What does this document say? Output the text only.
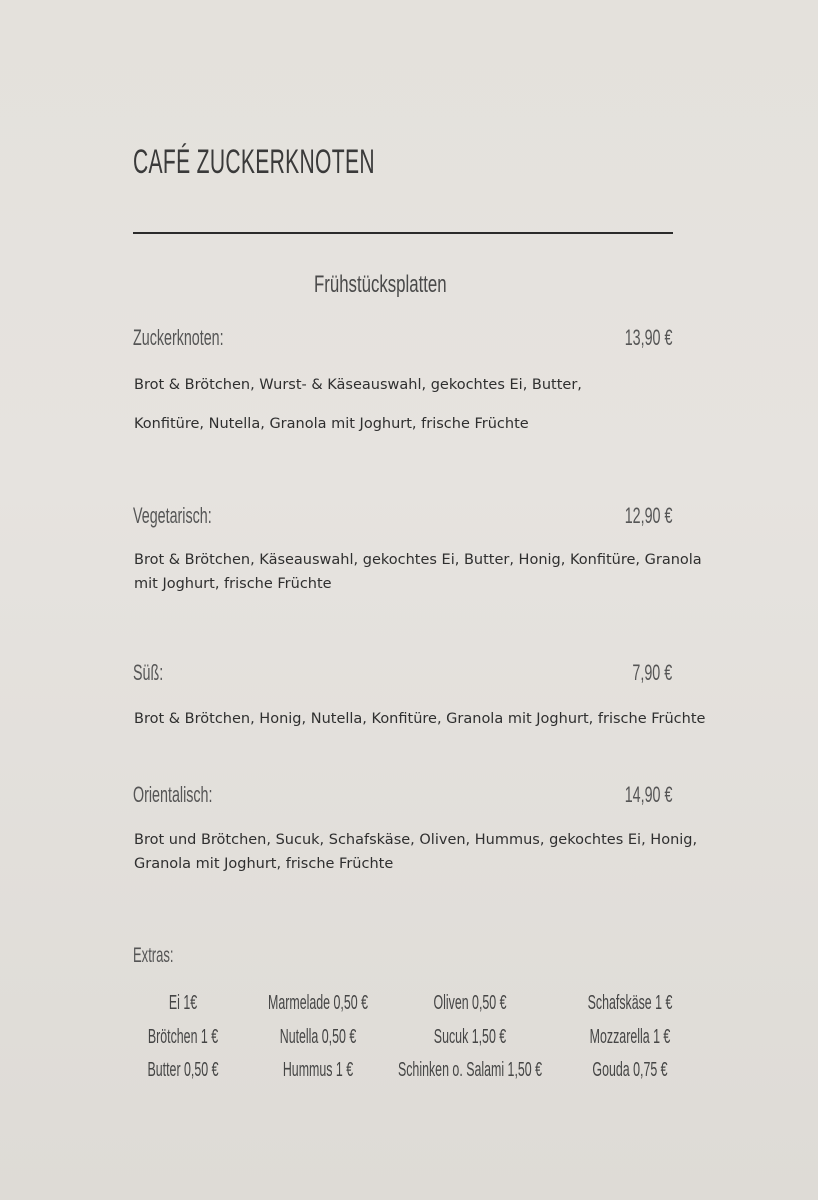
CAFÉ ZUCKERKNOTEN
Frühstücksplatten
Zuckerknoten:	13,90 €
Brot & Brötchen, Wurst- & Käseauswahl, gekochtes Ei, Butter,
Konfitüre, Nutella, Granola mit Joghurt, frische Früchte
Vegetarisch:	12,90 €
Brot & Brötchen, Käseauswahl, gekochtes Ei, Butter, Honig, Konfitüre, Granola
mit Joghurt, frische Früchte
Süß:	7,90 €
Brot & Brötchen, Honig, Nutella, Konfitüre, Granola mit Joghurt, frische Früchte
Orientalisch:	14,90 €
Brot und Brötchen, Sucuk, Schafskäse, Oliven, Hummus, gekochtes Ei, Honig,
Granola mit Joghurt, frische Früchte
Extras:
Ei 1€	Marmelade 0,50 €	Oliven 0,50 €	Schafskäse 1 €
Brötchen 1 €	Nutella 0,50 €	Sucuk 1,50 €	Mozzarella 1 €
Butter 0,50 €	Hummus 1 €	Schinken o. Salami 1,50 €	Gouda 0,75 €
